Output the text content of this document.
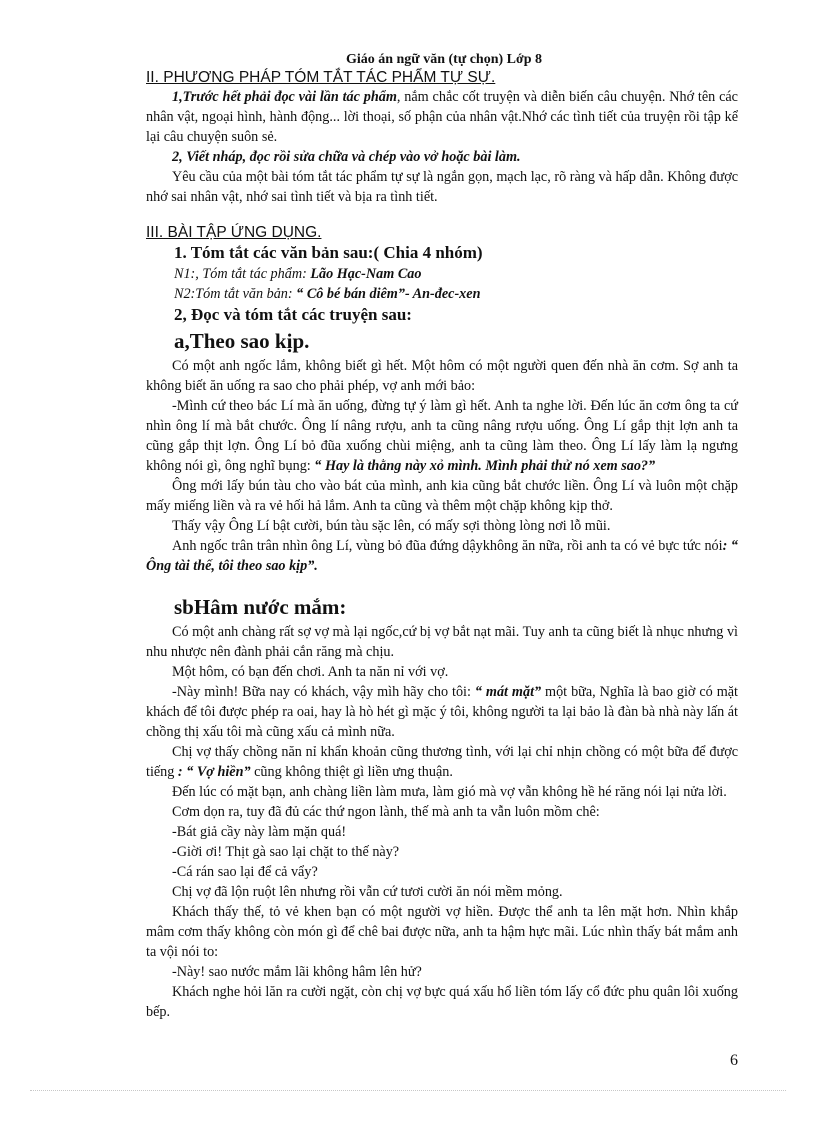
Giáo án ngữ văn (tự chọn) Lớp 8

II. PHƯƠNG PHÁP TÓM TẮT TÁC PHẨM TỰ SỰ.

1,Trước hết phải đọc vài lần tác phẩm, nắm chắc cốt truyện và diễn biến câu chuyện. Nhớ tên các nhân vật, ngoại hình, hành động... lời thoại, số phận của nhân vật.Nhớ các tình tiết của truyện rồi tập kể lại câu chuyện suôn sẻ.

2, Viết nháp, đọc rồi sửa chữa và chép vào vở hoặc bài làm.

Yêu cầu của một bài tóm tắt tác phẩm tự sự là ngắn gọn, mạch lạc, rõ ràng và hấp dẫn. Không được nhớ sai nhân vật, nhớ sai tình tiết và bịa ra tình tiết.

III. BÀI TẬP ỨNG DỤNG.

1. Tóm tắt các văn bản sau:( Chia 4 nhóm)

N1:, Tóm tắt tác phẩm: Lão Hạc-Nam Cao

N2:Tóm tắt văn bản: “ Cô bé bán diêm”- An-đec-xen

2, Đọc và tóm tắt các truyện sau:

a,Theo sao kịp.

Có một anh ngốc lắm, không biết gì hết. Một hôm có một người quen đến nhà ăn cơm. Sợ anh ta không biết ăn uống ra sao cho phải phép, vợ anh mới bảo:

-Mình cứ theo bác Lí mà ăn uống, đừng tự ý làm gì hết. Anh ta nghe lời. Đến lúc ăn cơm ông ta cứ nhìn ông lí mà bắt chước. Ông lí nâng rượu, anh ta cũng nâng rượu uống. Ông Lí gắp thịt lợn anh ta cũng gắp thịt lợn. Ông Lí bỏ đũa xuống chùi miệng, anh ta cũng làm theo. Ông Lí lấy làm lạ ngưng không nói gì, ông nghĩ bụng: “ Hay là thằng này xỏ mình. Mình phải thử nó xem sao?”

Ông mới lấy bún tàu cho vào bát của mình, anh kia cũng bắt chước liền. Ông Lí và luôn một chặp mấy miếng liền và ra vẻ hối hả lắm. Anh ta cũng và thêm một chặp không kịp thở.

Thấy vậy Ông Lí bật cười, bún tàu sặc lên, có mấy sợi thòng lòng nơi lỗ mũi.

Anh ngốc trân trân nhìn ông Lí, vùng bỏ đũa đứng dậykhông ăn nữa, rồi anh ta có vẻ bực tức nói: “ Ông tài thế, tôi theo sao kịp”.

sbHâm nước mắm:

Có một anh chàng rất sợ vợ mà lại ngốc,cứ bị vợ bắt nạt mãi. Tuy anh ta cũng biết là nhục nhưng vì nhu nhược nên đành phải cắn răng mà chịu.

Một hôm, có bạn đến chơi. Anh ta năn nỉ với vợ.

-Này mình! Bữa nay có khách, vậy mìh hãy cho tôi: “ mát mặt” một bữa, Nghĩa là bao giờ có mặt khách để tôi được phép ra oai, hay là hò hét gì mặc ý tôi, không người ta lại bảo là đàn bà nhà này lấn át chồng thị xấu tôi mà cũng xấu cả mình nữa.

Chị vợ thấy chồng năn nỉ khẩn khoản cũng thương tình, với lại chỉ nhịn chồng có một bữa để được tiếng : “ Vợ hiền” cũng không thiệt gì liền ưng thuận.

Đến lúc có mặt bạn, anh chàng liền làm mưa, làm gió mà vợ vẫn không hề hé răng nói lại nửa lời.

Cơm dọn ra, tuy đã đủ các thứ ngon lành, thế mà anh ta vẫn luôn mồm chê:

-Bát giả cầy này làm mặn quá!

-Giời ơi! Thịt gà sao lại chặt to thế này?

-Cá rán sao lại để cả vẩy?

Chị vợ đã lộn ruột lên nhưng rồi vẫn cứ tươi cười ăn nói mềm mỏng.

Khách thấy thế, tỏ vẻ khen bạn có một người vợ hiền. Được thể anh ta lên mặt hơn. Nhìn khắp mâm cơm thấy không còn món gì để chê bai được nữa, anh ta hậm hực mãi. Lúc nhìn thấy bát mắm anh ta vội nói to:

-Này! sao nước mắm lãi không hâm lên hử?

Khách nghe hỏi lăn ra cười ngặt, còn chị vợ bực quá xấu hổ liền tóm lấy cổ đức phu quân lôi xuống bếp.

6
